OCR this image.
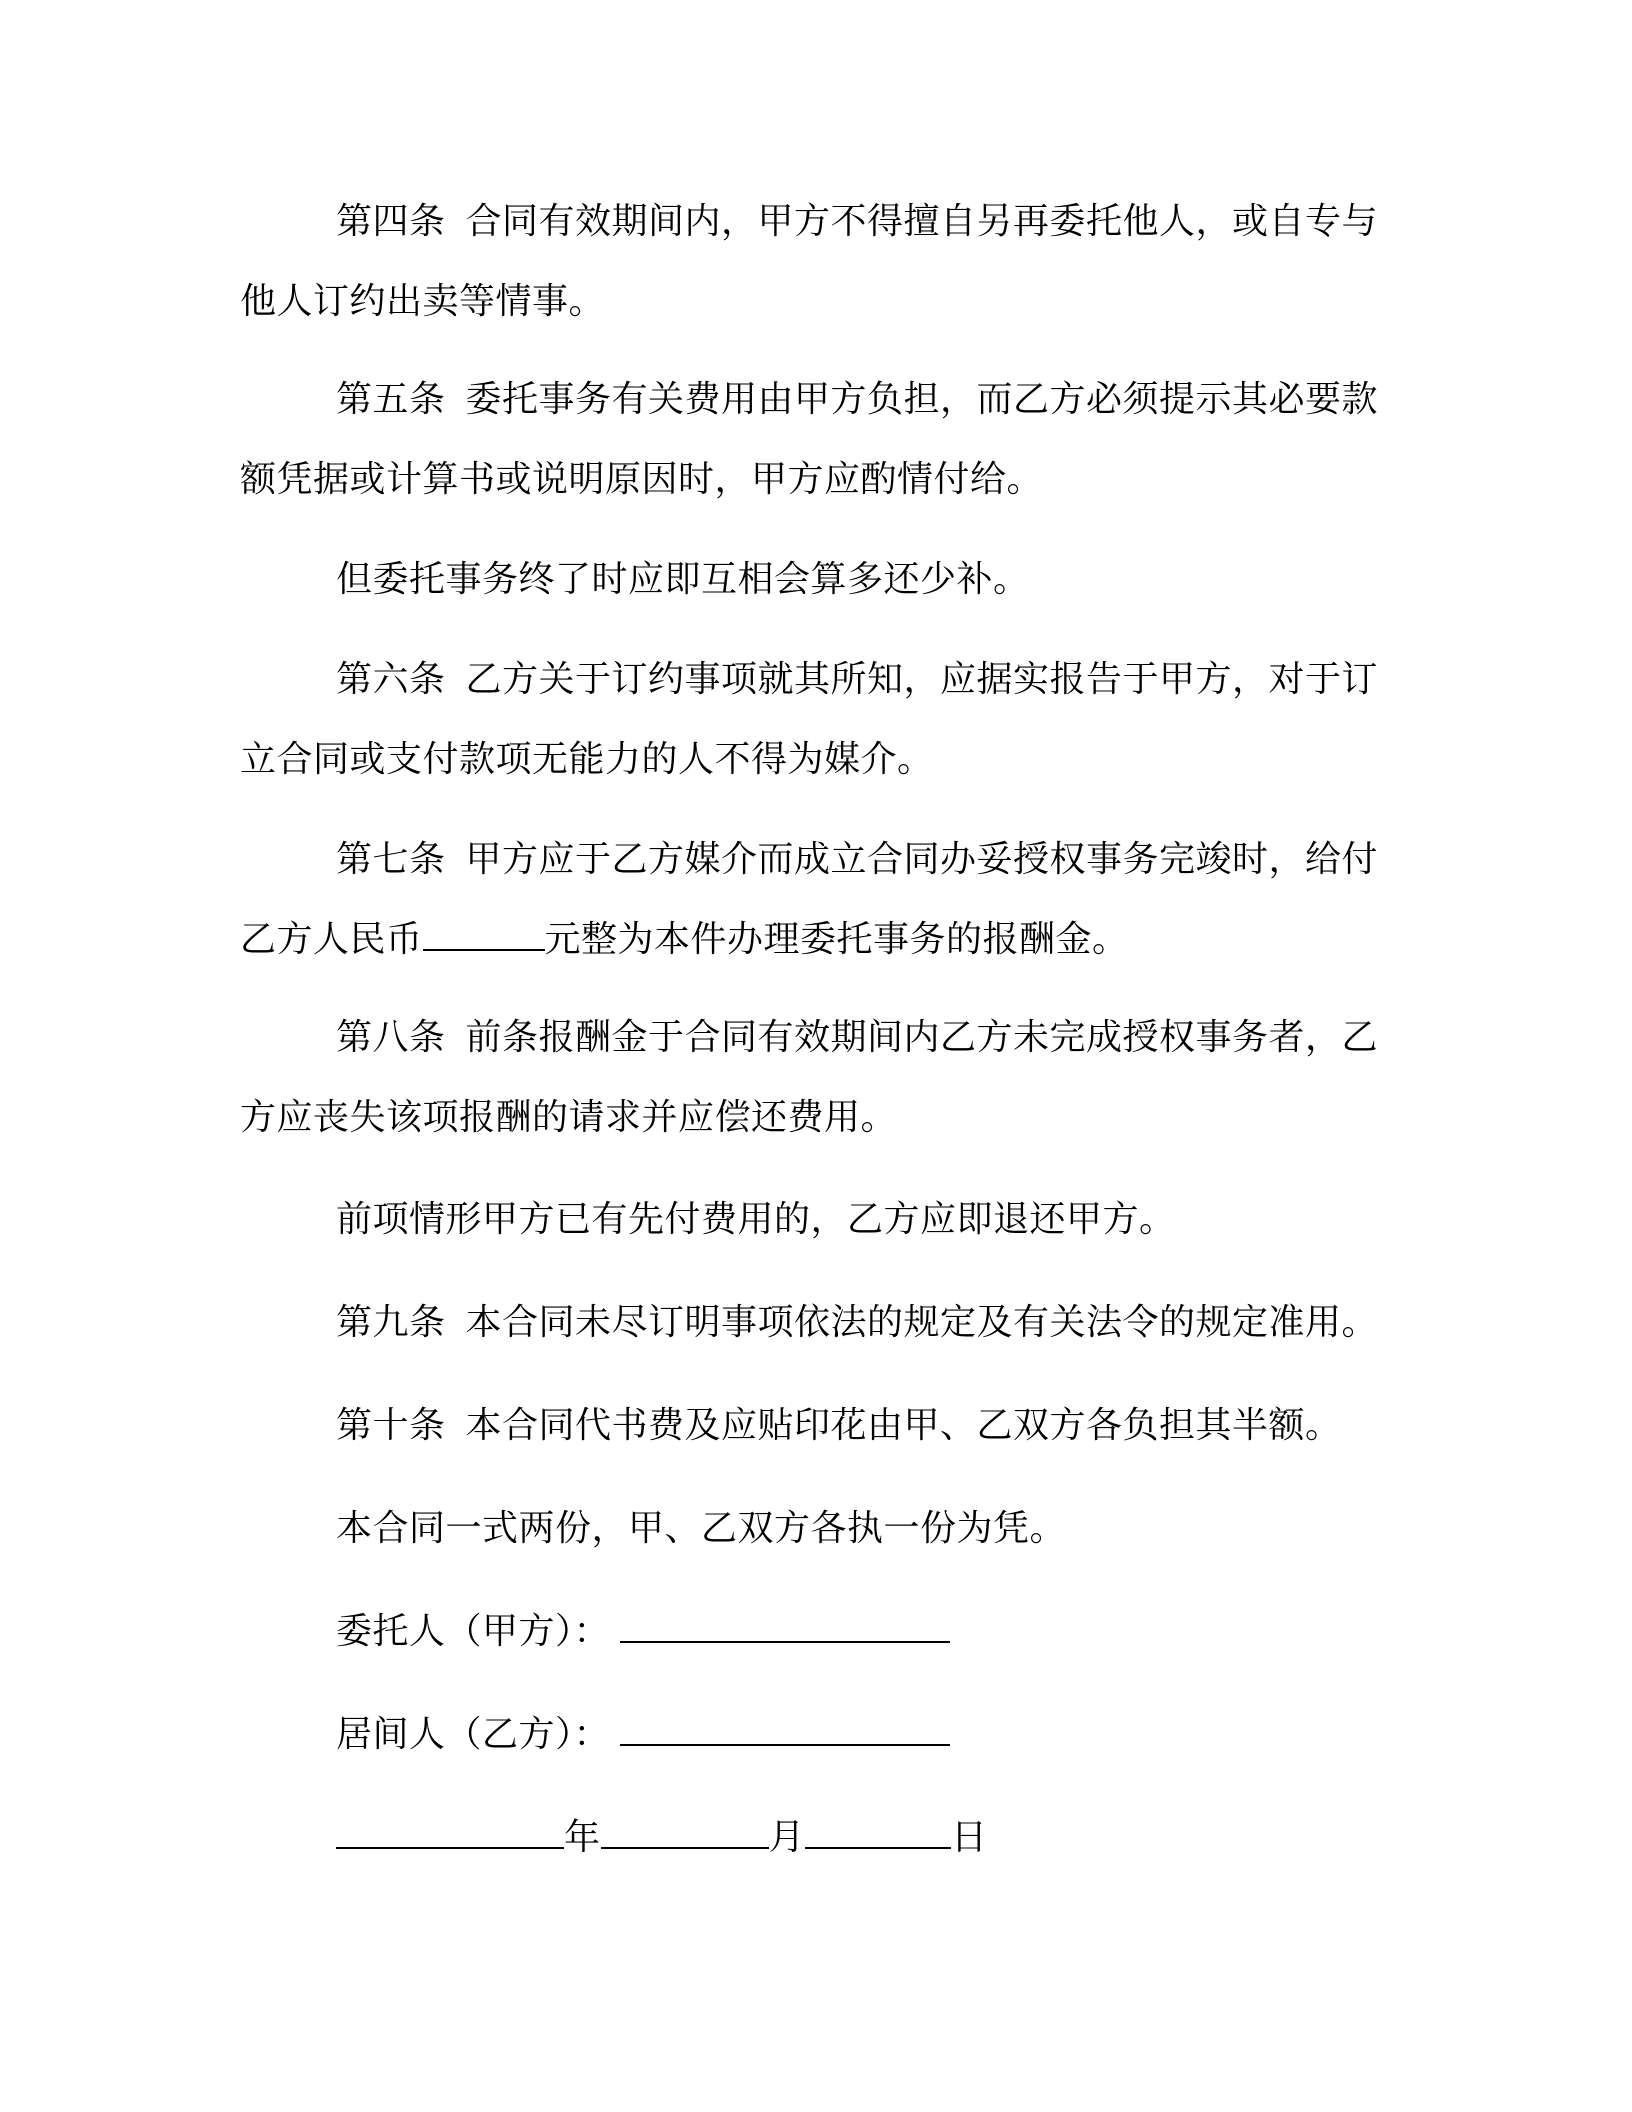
第四条 合同有效期间内，甲方不得擅自另再委托他人，或自专与他人订约出卖等情事。

第五条 委托事务有关费用由甲方负担，而乙方必须提示其必要款额凭据或计算书或说明原因时，甲方应酌情付给。

但委托事务终了时应即互相会算多还少补。

第六条 乙方关于订约事项就其所知，应据实报告于甲方，对于订立合同或支付款项无能力的人不得为媒介。

第七条 甲方应于乙方媒介而成立合同办妥授权事务完竣时，给付乙方人民币	元整为本件办理委托事务的报酬金。

第八条 前条报酬金于合同有效期间内乙方未完成授权事务者，乙方应丧失该项报酬的请求并应偿还费用。

前项情形甲方已有先付费用的，乙方应即退还甲方。

第九条 本合同未尽订明事项依法的规定及有关法令的规定准用。

第十条 本合同代书费及应贴印花由甲、乙双方各负担其半额。

本合同一式两份，甲、乙双方各执一份为凭。

委托人（甲方）：

居间人（乙方）：

年	月	日
